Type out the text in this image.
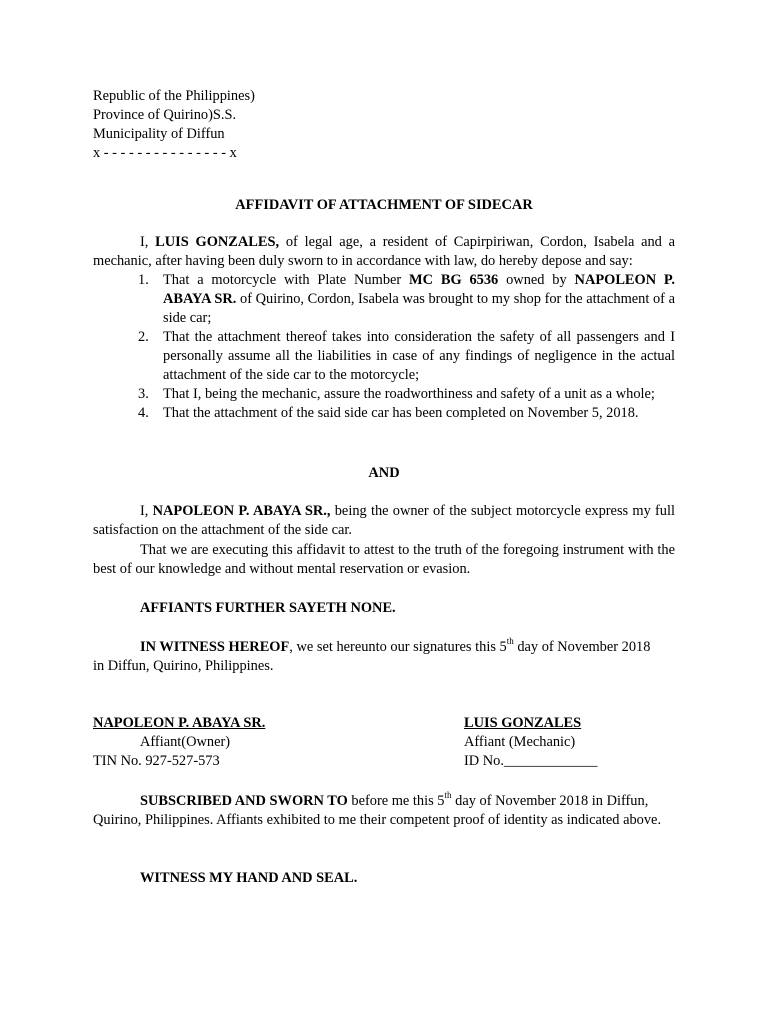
Republic of the Philippines)
Province of Quirino)S.S.
Municipality of Diffun
x - - - - - - - - - - - - - - - x
AFFIDAVIT OF ATTACHMENT OF SIDECAR
I, LUIS GONZALES, of legal age, a resident of Capirpiriwan, Cordon, Isabela and a mechanic, after having been duly sworn to in accordance with law, do hereby depose and say:
1. That a motorcycle with Plate Number MC BG 6536 owned by NAPOLEON P. ABAYA SR. of Quirino, Cordon, Isabela was brought to my shop for the attachment of a side car;
2. That the attachment thereof takes into consideration the safety of all passengers and I personally assume all the liabilities in case of any findings of negligence in the actual attachment of the side car to the motorcycle;
3. That I, being the mechanic, assure the roadworthiness and safety of a unit as a whole;
4. That the attachment of the said side car has been completed on November 5, 2018.
AND
I, NAPOLEON P. ABAYA SR., being the owner of the subject motorcycle express my full satisfaction on the attachment of the side car.
That we are executing this affidavit to attest to the truth of the foregoing instrument with the best of our knowledge and without mental reservation or evasion.
AFFIANTS FURTHER SAYETH NONE.
IN WITNESS HEREOF, we set hereunto our signatures this 5th day of November 2018 in Diffun, Quirino, Philippines.
NAPOLEON P. ABAYA SR.
Affiant(Owner)
TIN No. 927-527-573
LUIS GONZALES
Affiant (Mechanic)
ID No._____________
SUBSCRIBED AND SWORN TO before me this 5th day of November 2018 in Diffun, Quirino, Philippines. Affiants exhibited to me their competent proof of identity as indicated above.
WITNESS MY HAND AND SEAL.
